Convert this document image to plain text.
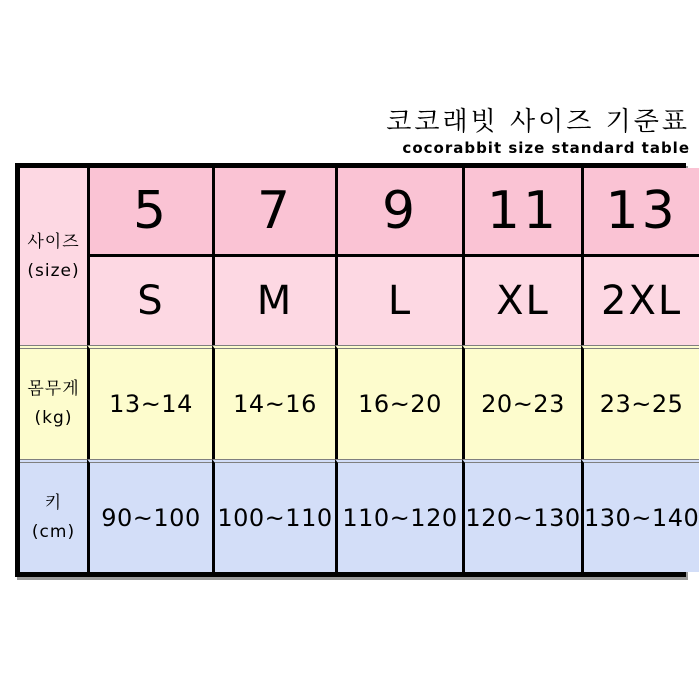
코코래빗 사이즈 기준표
cocorabbit size standard table
사이즈
(size)
5	7	9	11 13
S	M	L	XL	2XL
몸무게
(kg)	13~14	14~16	16~20	20~23	23~25
키
(cm)	90~100 100~110 110~120 120~130 130~140
